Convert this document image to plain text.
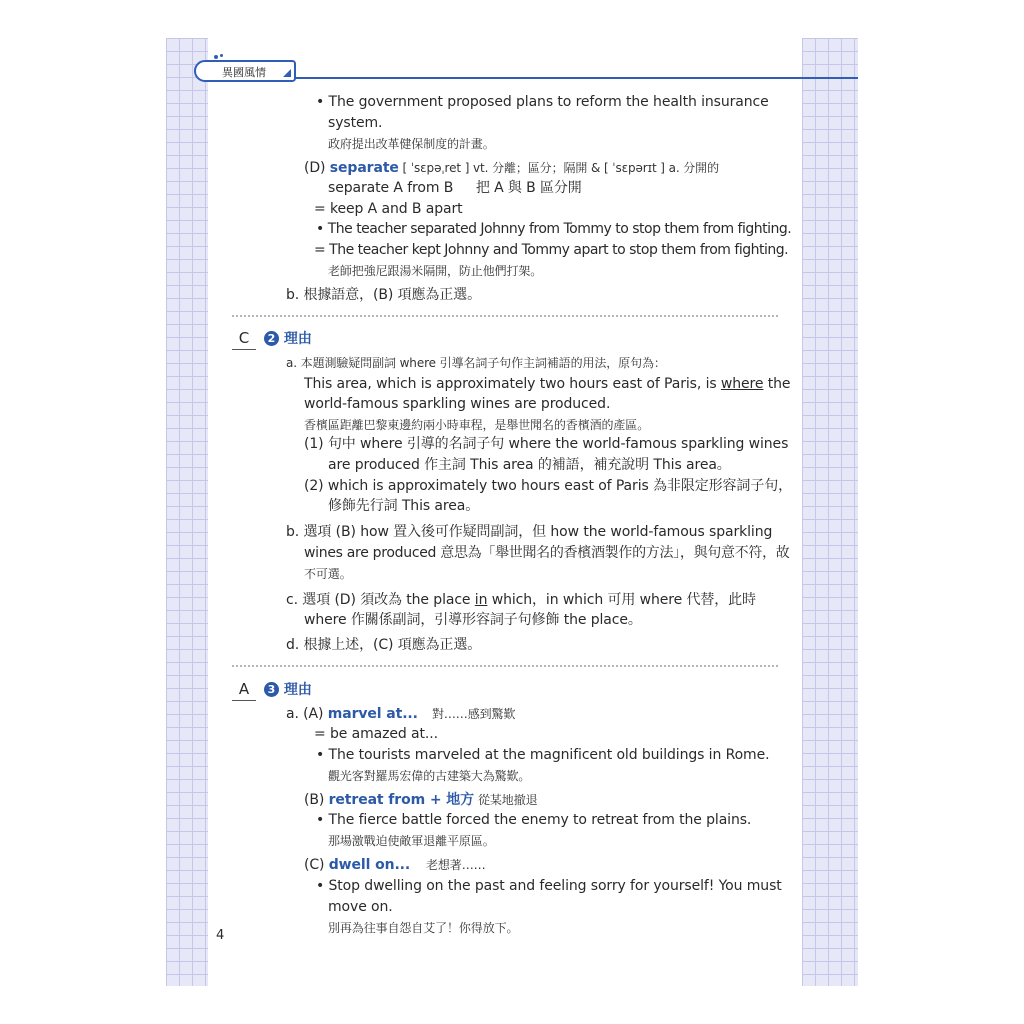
異國風情
• The government proposed plans to reform the health insurance
system.
政府提出改革健保制度的計畫。
(D) separate [ ˈsɛpəˌret ] vt. 分離；區分；隔開 & [ ˈsɛpərɪt ] a. 分開的
separate A from B 　 把 A 與 B 區分開
= keep A and B apart
• The teacher separated Johnny from Tommy to stop them from fighting.
= The teacher kept Johnny and Tommy apart to stop them from fighting.
老師把強尼跟湯米隔開，防止他們打架。
b. 根據語意，(B) 項應為正選。
C	2 理由
a. 本題測驗疑問副詞 where 引導名詞子句作主詞補語的用法，原句為：
This area, which is approximately two hours east of Paris, is where the
world-famous sparkling wines are produced.
香檳區距離巴黎東邊約兩小時車程，是舉世聞名的香檳酒的產區。
(1) 句中 where 引導的名詞子句 where the world-famous sparkling wines
are produced 作主詞 This area 的補語，補充說明 This area。
(2) which is approximately two hours east of Paris 為非限定形容詞子句，
修飾先行詞 This area。
b. 選項 (B) how 置入後可作疑問副詞，但 how the world-famous sparkling
wines are produced 意思為「舉世聞名的香檳酒製作的方法」，與句意不符，故
不可選。
c. 選項 (D) 須改為 the place in which，in which 可用 where 代替，此時
where 作關係副詞，引導形容詞子句修飾 the place。
d. 根據上述，(C) 項應為正選。
A	3 理由
a. (A) marvel at... 對……感到驚歎
= be amazed at...
• The tourists marveled at the magnificent old buildings in Rome.
觀光客對羅馬宏偉的古建築大為驚歎。
(B) retreat from + 地方 從某地撤退
• The fierce battle forced the enemy to retreat from the plains.
那場激戰迫使敵軍退離平原區。
(C) dwell on... 老想著……
• Stop dwelling on the past and feeling sorry for yourself! You must
move on.
別再為往事自怨自艾了！你得放下。
4
